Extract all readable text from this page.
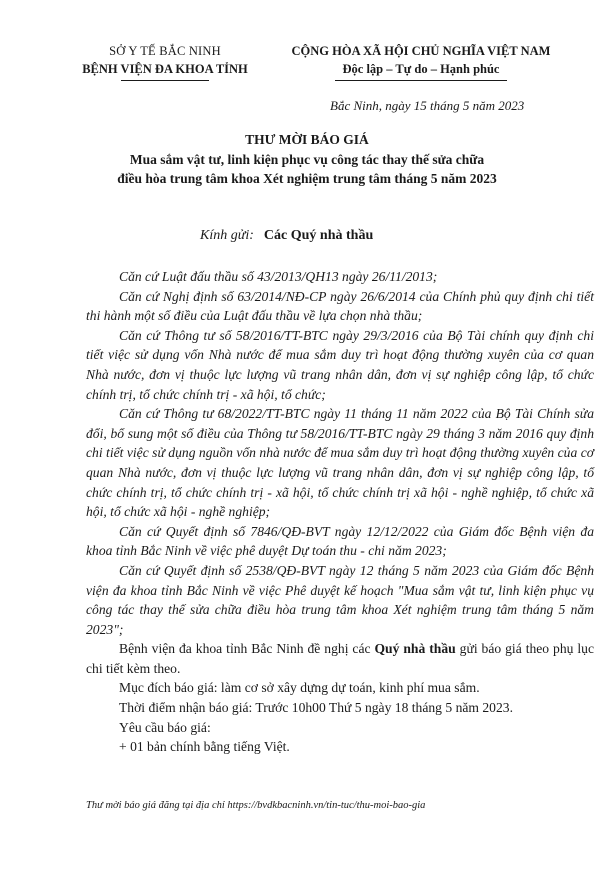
SỞ Y TẾ BẮC NINH
BỆNH VIỆN ĐA KHOA TỈNH
CỘNG HÒA XÃ HỘI CHỦ NGHĨA VIỆT NAM
Độc lập – Tự do – Hạnh phúc
Bắc Ninh, ngày 15 tháng 5 năm 2023
THƯ MỜI BÁO GIÁ
Mua sắm vật tư, linh kiện phục vụ công tác thay thế sửa chữa
điều hòa trung tâm khoa Xét nghiệm trung tâm tháng 5 năm 2023
Kính gửi: Các Quý nhà thầu

Căn cứ Luật đấu thầu số 43/2013/QH13 ngày 26/11/2013;

Căn cứ Nghị định số 63/2014/NĐ-CP ngày 26/6/2014 của Chính phủ quy định chi tiết thi hành một số điều của Luật đấu thầu về lựa chọn nhà thầu;

Căn cứ Thông tư số 58/2016/TT-BTC ngày 29/3/2016 của Bộ Tài chính quy định chi tiết việc sử dụng vốn Nhà nước để mua sắm duy trì hoạt động thường xuyên của cơ quan Nhà nước, đơn vị thuộc lực lượng vũ trang nhân dân, đơn vị sự nghiệp công lập, tổ chức chính trị, tổ chức chính trị - xã hội, tổ chức;

Căn cứ Thông tư 68/2022/TT-BTC ngày 11 tháng 11 năm 2022 của Bộ Tài Chính sửa đổi, bổ sung một số điều của Thông tư 58/2016/TT-BTC ngày 29 tháng 3 năm 2016 quy định chi tiết việc sử dụng nguồn vốn nhà nước để mua sắm duy trì hoạt động thường xuyên của cơ quan Nhà nước, đơn vị thuộc lực lượng vũ trang nhân dân, đơn vị sự nghiệp công lập, tổ chức chính trị, tổ chức chính trị - xã hội, tổ chức chính trị xã hội - nghề nghiệp, tổ chức xã hội, tổ chức xã hội - nghề nghiệp;

Căn cứ Quyết định số 7846/QĐ-BVT ngày 12/12/2022 của Giám đốc Bệnh viện đa khoa tỉnh Bắc Ninh về việc phê duyệt Dự toán thu - chi năm 2023;

Căn cứ Quyết định số 2538/QĐ-BVT ngày 12 tháng 5 năm 2023 của Giám đốc Bệnh viện đa khoa tỉnh Bắc Ninh về việc Phê duyệt kế hoạch "Mua sắm vật tư, linh kiện phục vụ công tác thay thế sửa chữa điều hòa trung tâm khoa Xét nghiệm trung tâm tháng 5 năm 2023";

Bệnh viện đa khoa tỉnh Bắc Ninh đề nghị các Quý nhà thầu gửi báo giá theo phụ lục chi tiết kèm theo.

Mục đích báo giá: làm cơ sở xây dựng dự toán, kinh phí mua sắm.

Thời điểm nhận báo giá: Trước 10h00 Thứ 5 ngày 18 tháng 5 năm 2023.

Yêu cầu báo giá:

+ 01 bản chính bằng tiếng Việt.

Thư mời báo giá đăng tại địa chỉ https://bvdkbacninh.vn/tin-tuc/thu-moi-bao-gia
